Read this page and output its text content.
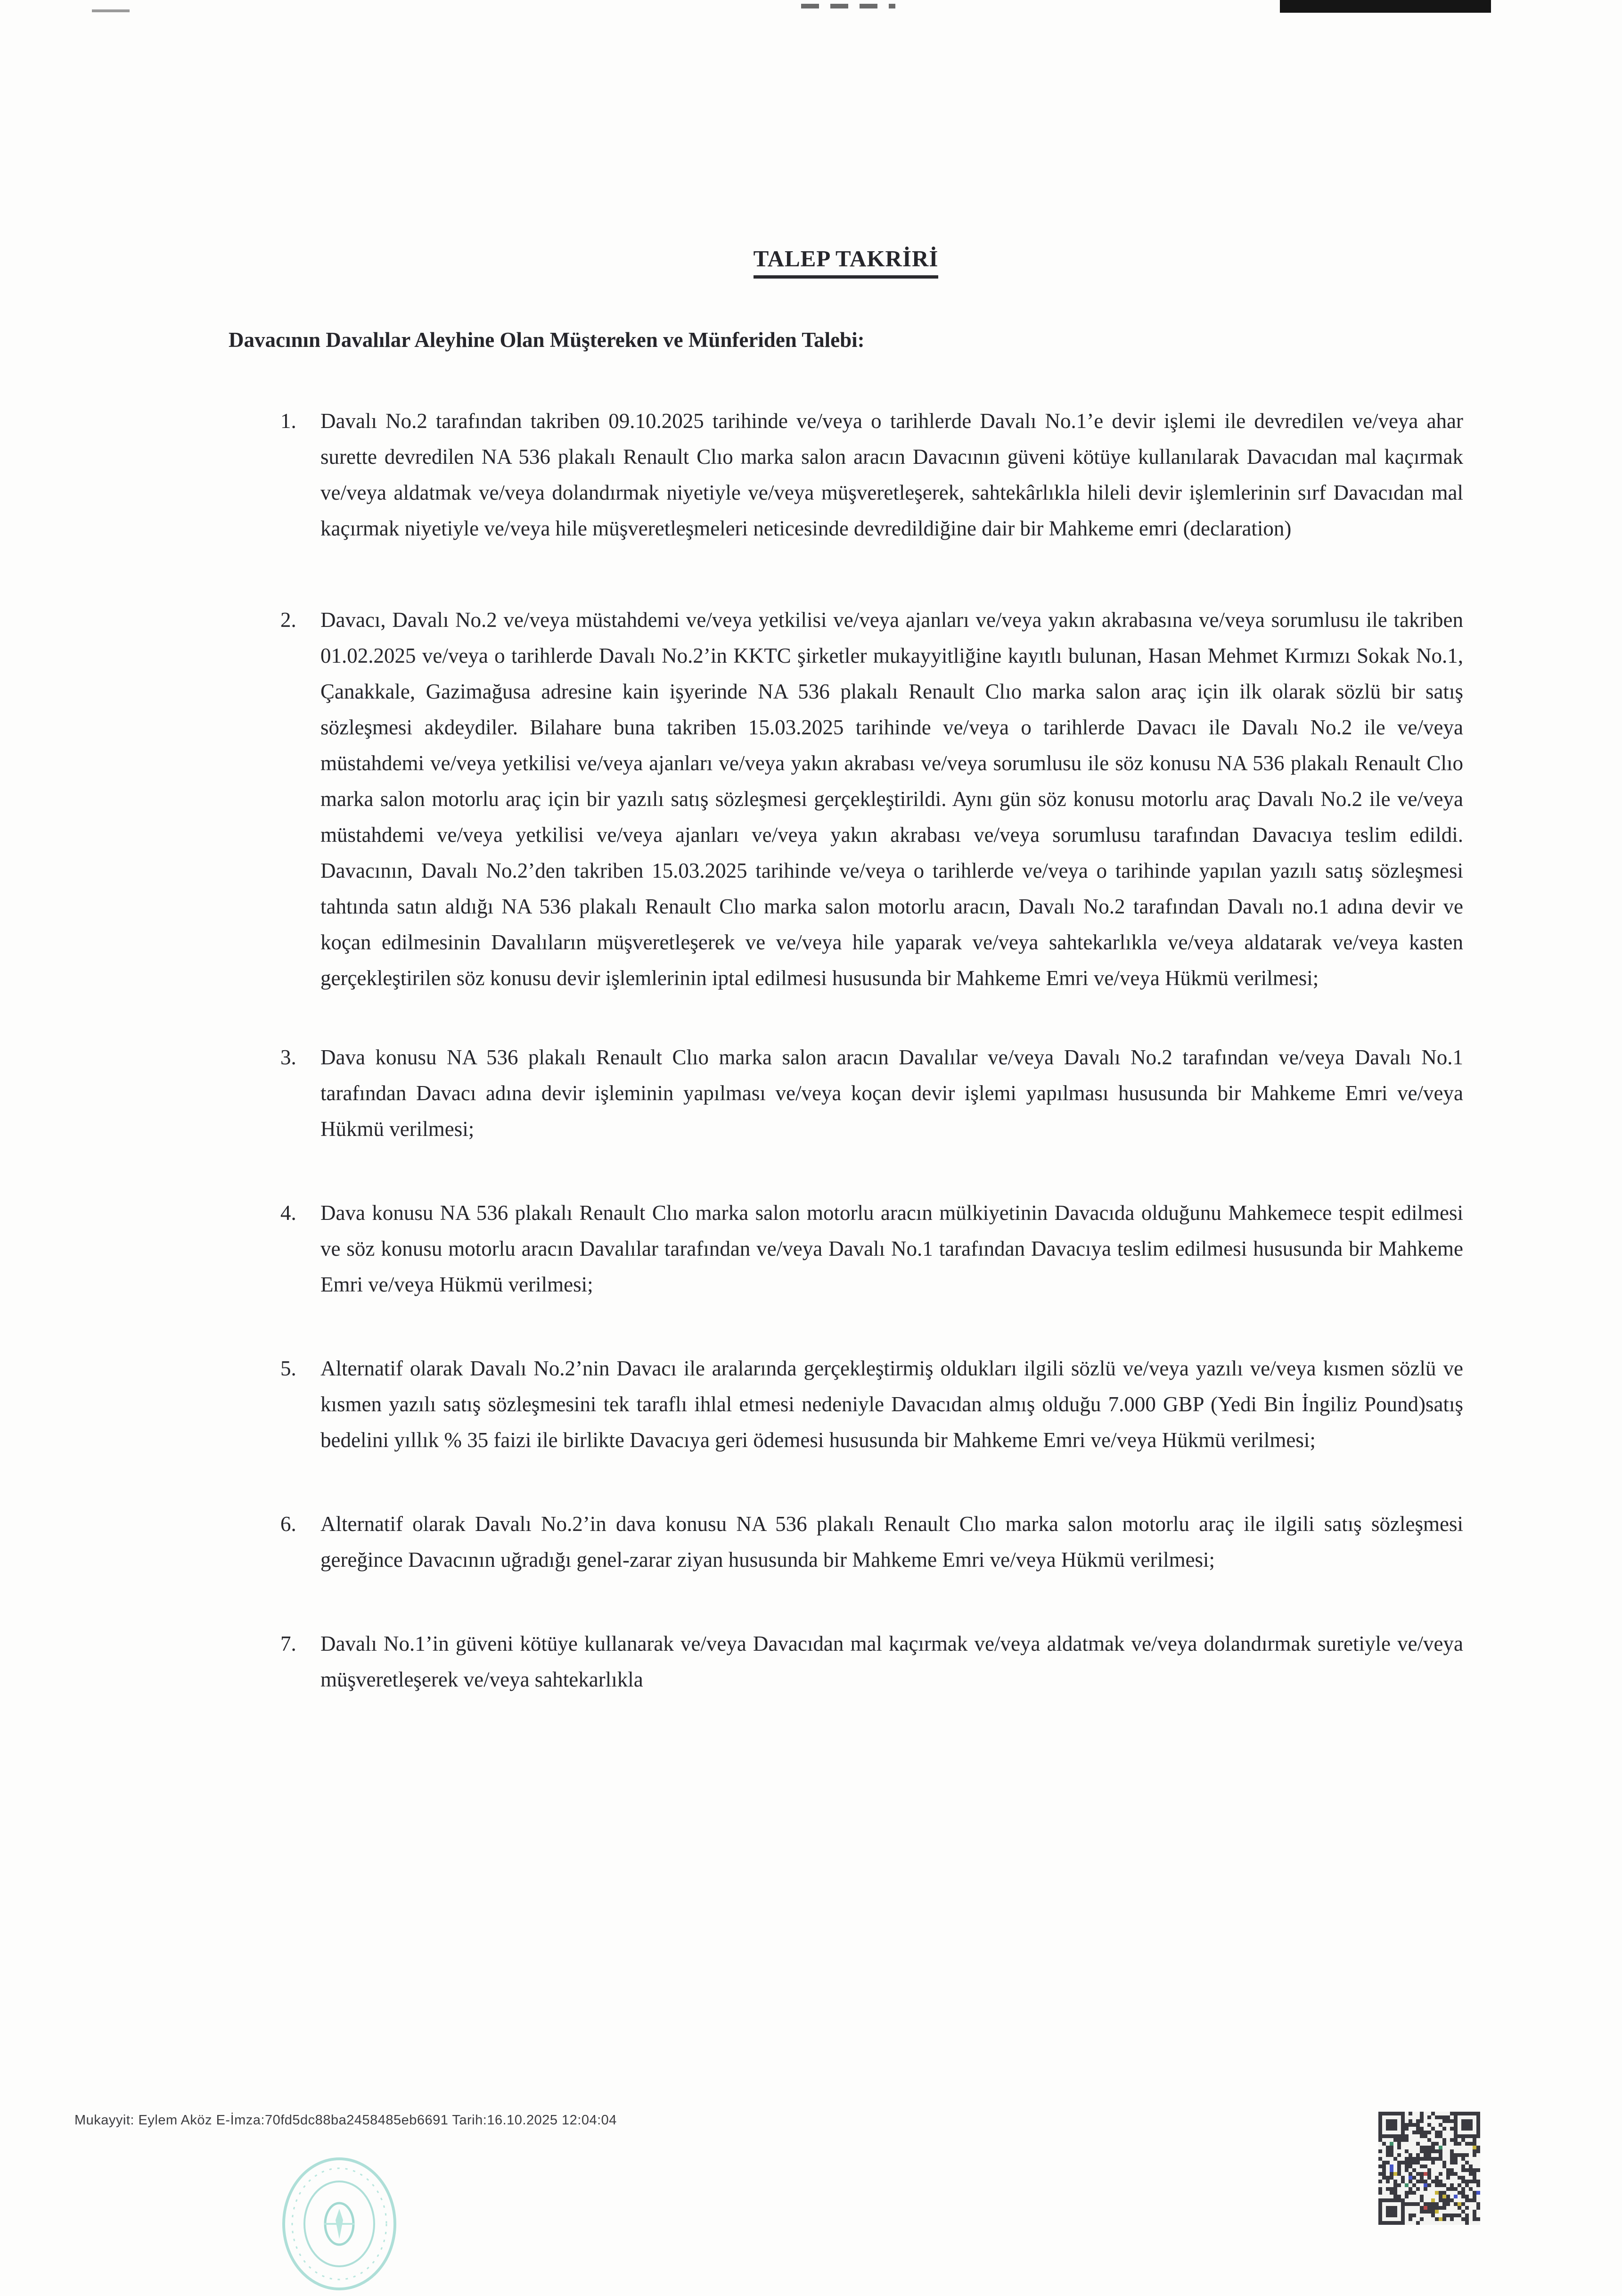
TALEP TAKRİRİ
Davacının Davalılar Aleyhine Olan Müştereken ve Münferiden Talebi:
1.	Davalı No.2 tarafından takriben 09.10.2025 tarihinde ve/veya o tarihlerde Davalı No.1’e devir işlemi ile devredilen ve/veya ahar surette devredilen NA 536 plakalı Renault Clıo marka salon aracın Davacının güveni kötüye kullanılarak Davacıdan mal kaçırmak ve/veya aldatmak ve/veya dolandırmak niyetiyle ve/veya müşveretleşerek, sahtekârlıkla hileli devir işlemlerinin sırf Davacıdan mal kaçırmak niyetiyle ve/veya hile müşveretleşmeleri neticesinde devredildiğine dair bir Mahkeme emri (declaration)
2.	Davacı, Davalı No.2 ve/veya müstahdemi ve/veya yetkilisi ve/veya ajanları ve/veya yakın akrabasına ve/veya sorumlusu ile takriben 01.02.2025 ve/veya o tarihlerde Davalı No.2’in KKTC şirketler mukayyitliğine kayıtlı bulunan, Hasan Mehmet Kırmızı Sokak No.1, Çanakkale, Gazimağusa adresine kain işyerinde NA 536 plakalı Renault Clıo marka salon araç için ilk olarak sözlü bir satış sözleşmesi akdeydiler. Bilahare buna takriben 15.03.2025 tarihinde ve/veya o tarihlerde Davacı ile Davalı No.2 ile ve/veya müstahdemi ve/veya yetkilisi ve/veya ajanları ve/veya yakın akrabası ve/veya sorumlusu ile söz konusu NA 536 plakalı Renault Clıo marka salon motorlu araç için bir yazılı satış sözleşmesi gerçekleştirildi. Aynı gün söz konusu motorlu araç Davalı No.2 ile ve/veya müstahdemi ve/veya yetkilisi ve/veya ajanları ve/veya yakın akrabası ve/veya sorumlusu tarafından Davacıya teslim edildi. Davacının, Davalı No.2’den takriben 15.03.2025 tarihinde ve/veya o tarihlerde ve/veya o tarihinde yapılan yazılı satış sözleşmesi tahtında satın aldığı NA 536 plakalı Renault Clıo marka salon motorlu aracın, Davalı No.2 tarafından Davalı no.1 adına devir ve koçan edilmesinin Davalıların müşveretleşerek ve ve/veya hile yaparak ve/veya sahtekarlıkla ve/veya aldatarak ve/veya kasten gerçekleştirilen söz konusu devir işlemlerinin iptal edilmesi hususunda bir Mahkeme Emri ve/veya Hükmü verilmesi;
3.	Dava konusu NA 536 plakalı Renault Clıo marka salon aracın Davalılar ve/veya Davalı No.2 tarafından ve/veya Davalı No.1 tarafından Davacı adına devir işleminin yapılması ve/veya koçan devir işlemi yapılması hususunda bir Mahkeme Emri ve/veya Hükmü verilmesi;
4.	Dava konusu NA 536 plakalı Renault Clıo marka salon motorlu aracın mülkiyetinin Davacıda olduğunu Mahkemece tespit edilmesi ve söz konusu motorlu aracın Davalılar tarafından ve/veya Davalı No.1 tarafından Davacıya teslim edilmesi hususunda bir Mahkeme Emri ve/veya Hükmü verilmesi;
5.	Alternatif olarak Davalı No.2’nin Davacı ile aralarında gerçekleştirmiş oldukları ilgili sözlü ve/veya yazılı ve/veya kısmen sözlü ve kısmen yazılı satış sözleşmesini tek taraflı ihlal etmesi nedeniyle Davacıdan almış olduğu 7.000 GBP (Yedi Bin İngiliz Pound)satış bedelini yıllık % 35 faizi ile birlikte Davacıya geri ödemesi hususunda bir Mahkeme Emri ve/veya Hükmü verilmesi;
6.	Alternatif olarak Davalı No.2’in dava konusu NA 536 plakalı Renault Clıo marka salon motorlu araç ile ilgili satış sözleşmesi gereğince Davacının uğradığı genel-zarar ziyan hususunda bir Mahkeme Emri ve/veya Hükmü verilmesi;
7.	Davalı No.1’in güveni kötüye kullanarak ve/veya Davacıdan mal kaçırmak ve/veya aldatmak ve/veya dolandırmak suretiyle ve/veya müşveretleşerek ve/veya sahtekarlıkla
Mukayyit: Eylem Aköz E-İmza:70fd5dc88ba2458485eb6691 Tarih:16.10.2025 12:04:04
